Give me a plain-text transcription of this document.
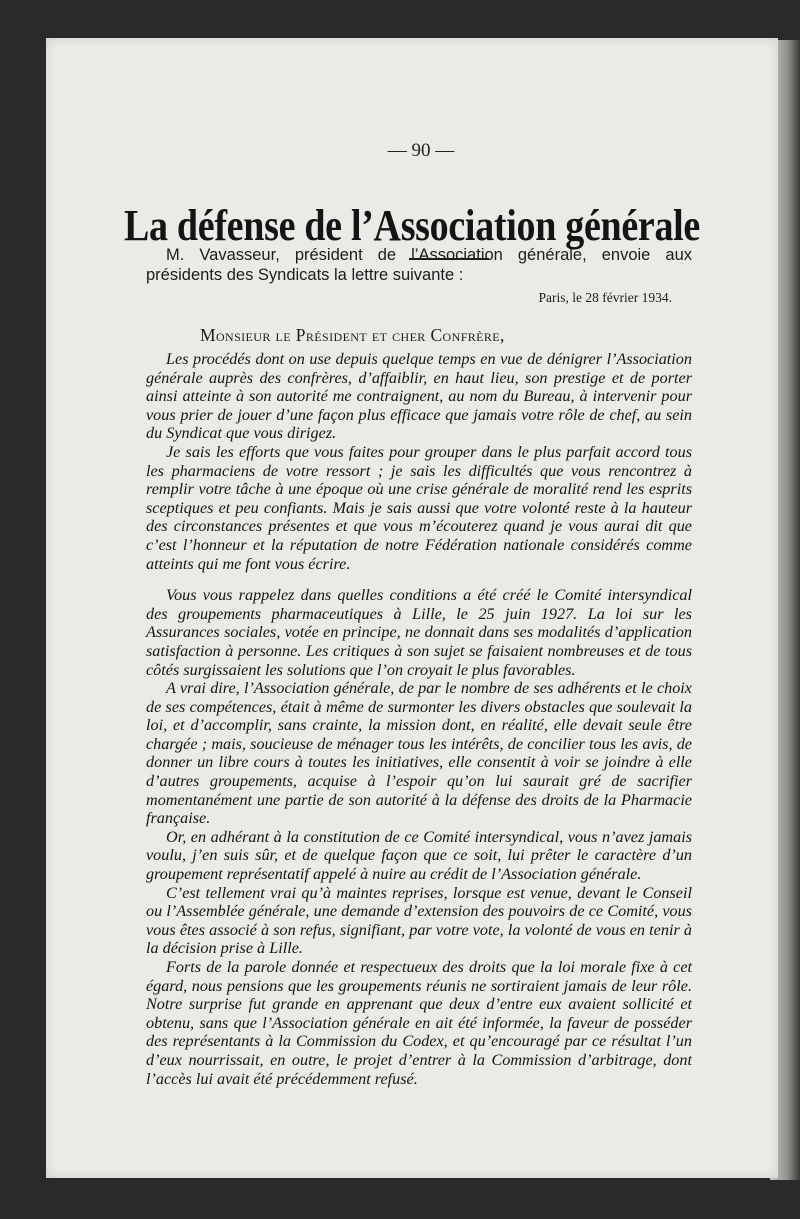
— 90 —
La défense de l’Association générale
M. Vavasseur, président de l’Association générale, envoie aux présidents des Syndicats la lettre suivante :
Paris, le 28 février 1934.
Monsieur le Président et cher Confrère,

Les procédés dont on use depuis quelque temps en vue de dénigrer l’Association générale auprès des confrères, d’affaiblir, en haut lieu, son prestige et de porter ainsi atteinte à son autorité me contraignent, au nom du Bureau, à intervenir pour vous prier de jouer d’une façon plus efficace que jamais votre rôle de chef, au sein du Syndicat que vous dirigez.

Je sais les efforts que vous faites pour grouper dans le plus parfait accord tous les pharmaciens de votre ressort ; je sais les difficultés que vous rencontrez à remplir votre tâche à une époque où une crise générale de moralité rend les esprits sceptiques et peu confiants. Mais je sais aussi que votre volonté reste à la hauteur des circonstances présentes et que vous m’écouterez quand je vous aurai dit que c’est l’honneur et la réputation de notre Fédération nationale considérés comme atteints qui me font vous écrire.

Vous vous rappelez dans quelles conditions a été créé le Comité intersyndical des groupements pharmaceutiques à Lille, le 25 juin 1927. La loi sur les Assurances sociales, votée en principe, ne donnait dans ses modalités d’application satisfaction à personne. Les critiques à son sujet se faisaient nombreuses et de tous côtés surgissaient les solutions que l’on croyait le plus favorables.

A vrai dire, l’Association générale, de par le nombre de ses adhérents et le choix de ses compétences, était à même de surmonter les divers obstacles que soulevait la loi, et d’accomplir, sans crainte, la mission dont, en réalité, elle devait seule être chargée ; mais, soucieuse de ménager tous les intérêts, de concilier tous les avis, de donner un libre cours à toutes les initiatives, elle consentit à voir se joindre à elle d’autres groupements, acquise à l’espoir qu’on lui saurait gré de sacrifier momentanément une partie de son autorité à la défense des droits de la Pharmacie française.

Or, en adhérant à la constitution de ce Comité intersyndical, vous n’avez jamais voulu, j’en suis sûr, et de quelque façon que ce soit, lui prêter le caractère d’un groupement représentatif appelé à nuire au crédit de l’Association générale.

C’est tellement vrai qu’à maintes reprises, lorsque est venue, devant le Conseil ou l’Assemblée générale, une demande d’extension des pouvoirs de ce Comité, vous vous êtes associé à son refus, signifiant, par votre vote, la volonté de vous en tenir à la décision prise à Lille.

Forts de la parole donnée et respectueux des droits que la loi morale fixe à cet égard, nous pensions que les groupements réunis ne sortiraient jamais de leur rôle. Notre surprise fut grande en apprenant que deux d’entre eux avaient sollicité et obtenu, sans que l’Association générale en ait été informée, la faveur de posséder des représentants à la Commission du Codex, et qu’encouragé par ce résultat l’un d’eux nourrissait, en outre, le projet d’entrer à la Commission d’arbitrage, dont l’accès lui avait été précédemment refusé.
